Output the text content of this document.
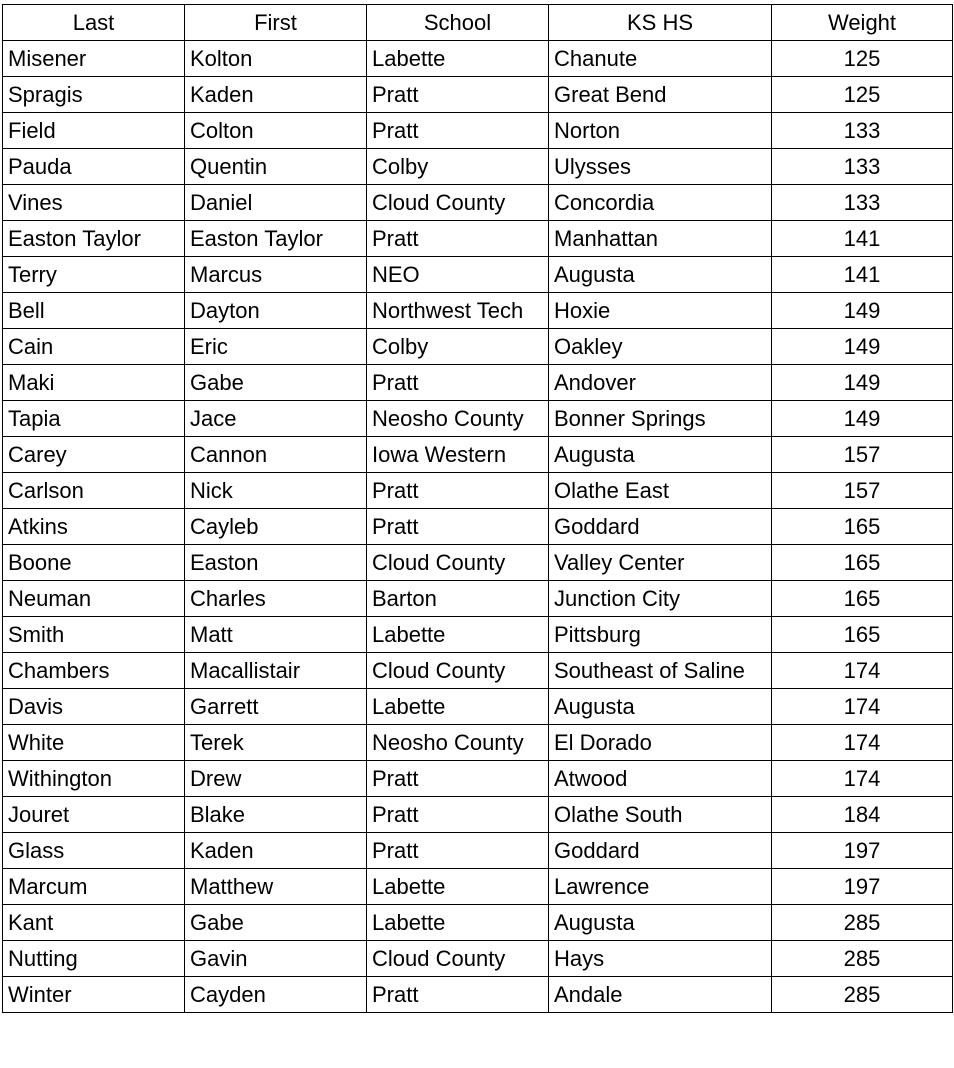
Last	First	School	KS HS	Weight
Misener	Kolton	Labette	Chanute	125
Spragis	Kaden	Pratt	Great Bend	125
Field	Colton	Pratt	Norton	133
Pauda	Quentin	Colby	Ulysses	133
Vines	Daniel	Cloud County	Concordia	133
Easton Taylor	Easton Taylor	Pratt	Manhattan	141
Terry	Marcus	NEO	Augusta	141
Bell	Dayton	Northwest Tech	Hoxie	149
Cain	Eric	Colby	Oakley	149
Maki	Gabe	Pratt	Andover	149
Tapia	Jace	Neosho County	Bonner Springs	149
Carey	Cannon	Iowa Western	Augusta	157
Carlson	Nick	Pratt	Olathe East	157
Atkins	Cayleb	Pratt	Goddard	165
Boone	Easton	Cloud County	Valley Center	165
Neuman	Charles	Barton	Junction City	165
Smith	Matt	Labette	Pittsburg	165
Chambers	Macallistair	Cloud County	Southeast of Saline	174
Davis	Garrett	Labette	Augusta	174
White	Terek	Neosho County	El Dorado	174
Withington	Drew	Pratt	Atwood	174
Jouret	Blake	Pratt	Olathe South	184
Glass	Kaden	Pratt	Goddard	197
Marcum	Matthew	Labette	Lawrence	197
Kant	Gabe	Labette	Augusta	285
Nutting	Gavin	Cloud County	Hays	285
Winter	Cayden	Pratt	Andale	285
